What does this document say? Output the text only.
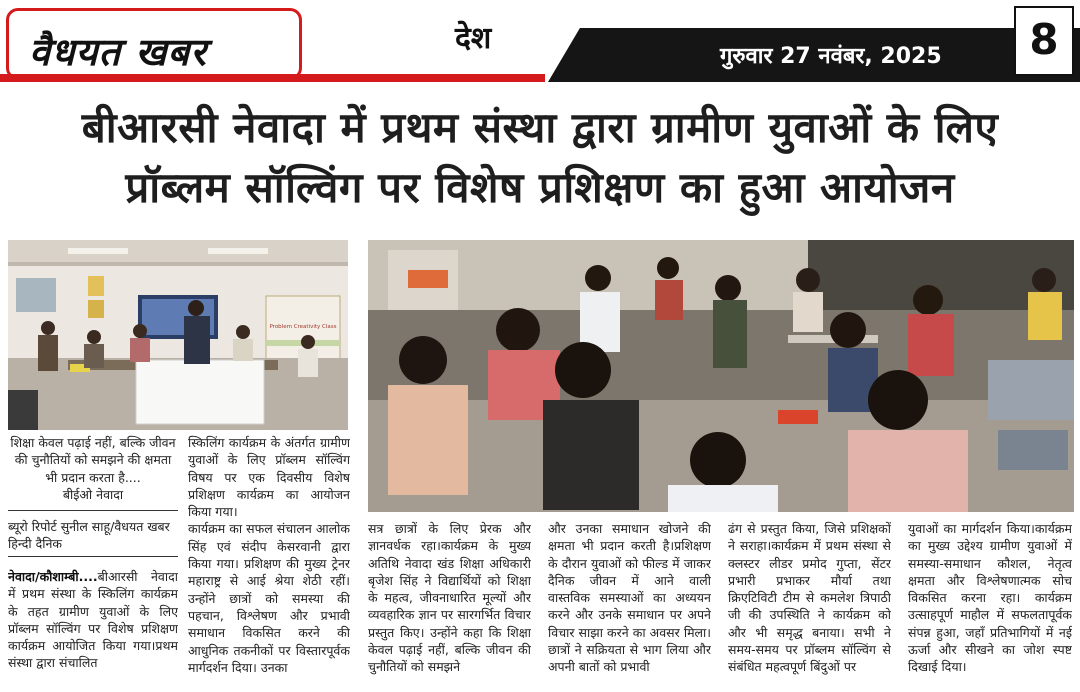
वैधयत खबर	देश
गुरुवार 27 नवंबर, 2025	8
बीआरसी नेवादा में प्रथम संस्था द्वारा ग्रामीण युवाओं के लिए
प्रॉब्लम सॉल्विंग पर विशेष प्रशिक्षण का हुआ आयोजन
Problem Creativity Class
शिक्षा केवल पढ़ाई नहीं, बल्कि जीवन की चुनौतियों को समझने की क्षमता भी प्रदान करता है....
बीईओ नेवादा
ब्यूरो रिपोर्ट सुनील साहू/वैधयत खबर हिन्दी दैनिक
नेवादा/कौशाम्बी....बीआरसी नेवादा में प्रथम संस्था के स्किलिंग कार्यक्रम के तहत ग्रामीण युवाओं के लिए प्रॉब्लम सॉल्विंग पर विशेष प्रशिक्षण कार्यक्रम आयोजित किया गया।प्रथम संस्था द्वारा संचालित
स्किलिंग कार्यक्रम के अंतर्गत ग्रामीण युवाओं के लिए प्रॉब्लम सॉल्विंग विषय पर एक दिवसीय विशेष प्रशिक्षण कार्यक्रम का आयोजन किया गया।
कार्यक्रम का सफल संचालन आलोक सिंह एवं संदीप केसरवानी द्वारा किया गया। प्रशिक्षण की मुख्य ट्रेनर महाराष्ट्र से आई श्रेया शेठी रहीं। उन्होंने छात्रों को समस्या की पहचान, विश्लेषण और प्रभावी समाधान विकसित करने की आधुनिक तकनीकों पर विस्तारपूर्वक मार्गदर्शन दिया। उनका
सत्र छात्रों के लिए प्रेरक और ज्ञानवर्धक रहा।कार्यक्रम के मुख्य अतिथि नेवादा खंड शिक्षा अधिकारी बृजेश सिंह ने विद्यार्थियों को शिक्षा के महत्व, जीवनाधारित मूल्यों और व्यवहारिक ज्ञान पर सारगर्भित विचार प्रस्तुत किए। उन्होंने कहा कि शिक्षा केवल पढ़ाई नहीं, बल्कि जीवन की चुनौतियों को समझने
और उनका समाधान खोजने की क्षमता भी प्रदान करती है।प्रशिक्षण के दौरान युवाओं को फील्ड में जाकर दैनिक जीवन में आने वाली वास्तविक समस्याओं का अध्ययन करने और उनके समाधान पर अपने विचार साझा करने का अवसर मिला। छात्रों ने सक्रियता से भाग लिया और अपनी बातों को प्रभावी
ढंग से प्रस्तुत किया, जिसे प्रशिक्षकों ने सराहा।कार्यक्रम में प्रथम संस्था से क्लस्टर लीडर प्रमोद गुप्ता, सेंटर प्रभारी प्रभाकर मौर्या तथा क्रिएटिविटी टीम से कमलेश त्रिपाठी जी की उपस्थिति ने कार्यक्रम को और भी समृद्ध बनाया। सभी ने समय-समय पर प्रॉब्लम सॉल्विंग से संबंधित महत्वपूर्ण बिंदुओं पर
युवाओं का मार्गदर्शन किया।कार्यक्रम का मुख्य उद्देश्य ग्रामीण युवाओं में समस्या-समाधान कौशल, नेतृत्व क्षमता और विश्लेषणात्मक सोच विकसित करना रहा। कार्यक्रम उत्साहपूर्ण माहौल में सफलतापूर्वक संपन्न हुआ, जहाँ प्रतिभागियों में नई ऊर्जा और सीखने का जोश स्पष्ट दिखाई दिया।
